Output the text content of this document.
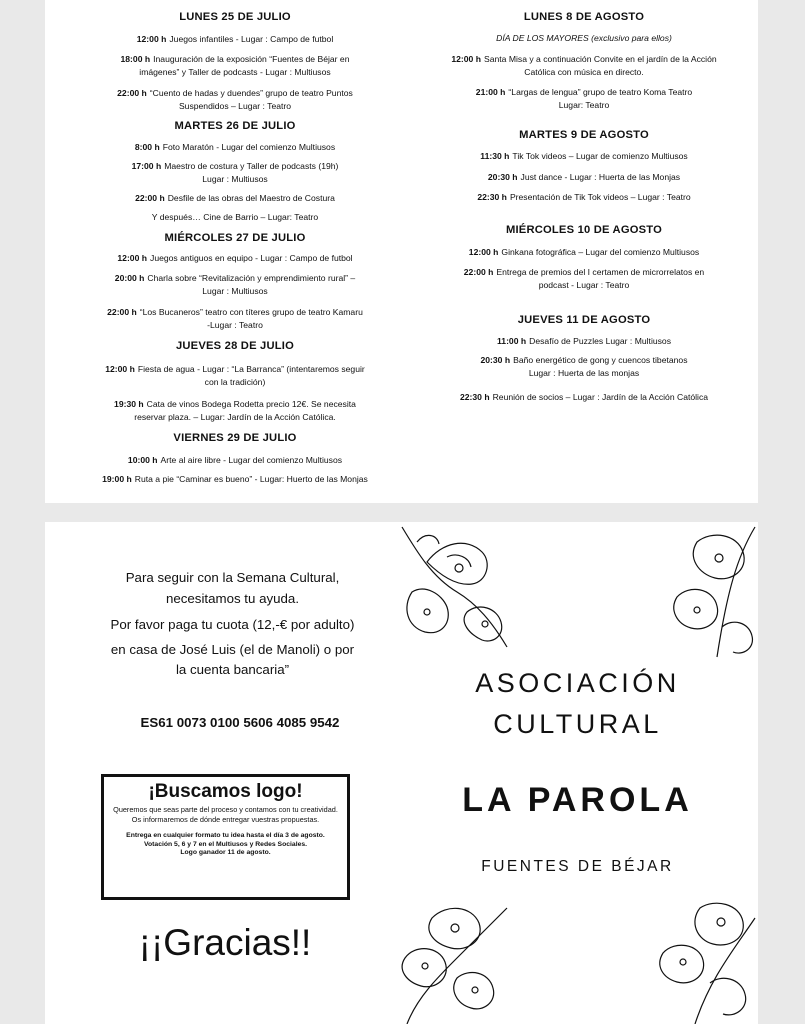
LUNES 25 DE JULIO
12:00 h Juegos infantiles - Lugar : Campo de futbol
18:00 h Inauguración de la exposición “Fuentes de Béjar en
imágenes” y Taller de podcasts - Lugar : Multiusos
22:00 h “Cuento de hadas y duendes” grupo de teatro Puntos
Suspendidos – Lugar : Teatro
MARTES 26 DE JULIO
8:00 h Foto Maratón - Lugar del comienzo Multiusos
17:00 h Maestro de costura y Taller de podcasts (19h)
Lugar : Multiusos
22:00 h Desfile de las obras del Maestro de Costura
Y después… Cine de Barrio – Lugar: Teatro
MIÉRCOLES 27 DE JULIO
12:00 h Juegos antiguos en equipo - Lugar : Campo de futbol
20:00 h Charla sobre “Revitalización y emprendimiento rural” –
Lugar : Multiusos
22:00 h “Los Bucaneros” teatro con títeres grupo de teatro Kamaru
-Lugar : Teatro
JUEVES 28 DE JULIO
12:00 h Fiesta de agua - Lugar : “La Barranca” (intentaremos seguir
con la tradición)
19:30 h Cata de vinos Bodega Rodetta precio 12€. Se necesita
reservar plaza. – Lugar: Jardín de la Acción Católica.
VIERNES 29 DE JULIO
10:00 h Arte al aire libre - Lugar del comienzo Multiusos
19:00 h Ruta a pie “Caminar es bueno” - Lugar: Huerto de las Monjas
LUNES 8 DE AGOSTO
DÍA DE LOS MAYORES (exclusivo para ellos)
12:00 h Santa Misa y a continuación Convite en el jardín de la Acción
Católica con música en directo.
21:00 h “Largas de lengua” grupo de teatro Koma Teatro
Lugar: Teatro
MARTES 9 DE AGOSTO
11:30 h Tik Tok videos – Lugar de comienzo Multiusos
20:30 h Just dance - Lugar : Huerta de las Monjas
22:30 h Presentación de Tik Tok videos – Lugar : Teatro
MIÉRCOLES 10 DE AGOSTO
12:00 h Ginkana fotográfica – Lugar del comienzo Multiusos
22:00 h Entrega de premios del I certamen de microrrelatos en
podcast - Lugar : Teatro
JUEVES 11 DE AGOSTO
11:00 h Desafío de Puzzles Lugar : Multiusos
20:30 h Baño energético de gong y cuencos tibetanos
Lugar : Huerta de las monjas
22:30 h Reunión de socios – Lugar : Jardín de la Acción Católica
Para seguir con la Semana Cultural,
necesitamos tu ayuda.
Por favor paga tu cuota (12,-€ por adulto)
en casa de José Luis (el de Manoli) o por
la cuenta bancaria”
ES61 0073 0100 5606 4085 9542
¡Buscamos logo!
Queremos que seas parte del proceso y contamos con tu creatividad. Os informaremos de dónde entregar vuestras propuestas.
Entrega en cualquier formato tu idea hasta el día 3 de agosto.
Votación 5, 6 y 7 en el Multiusos y Redes Sociales.
Logo ganador 11 de agosto.
¡¡Gracias!!
ASOCIACIÓN
CULTURAL
LA PAROLA
FUENTES DE BÉJAR
